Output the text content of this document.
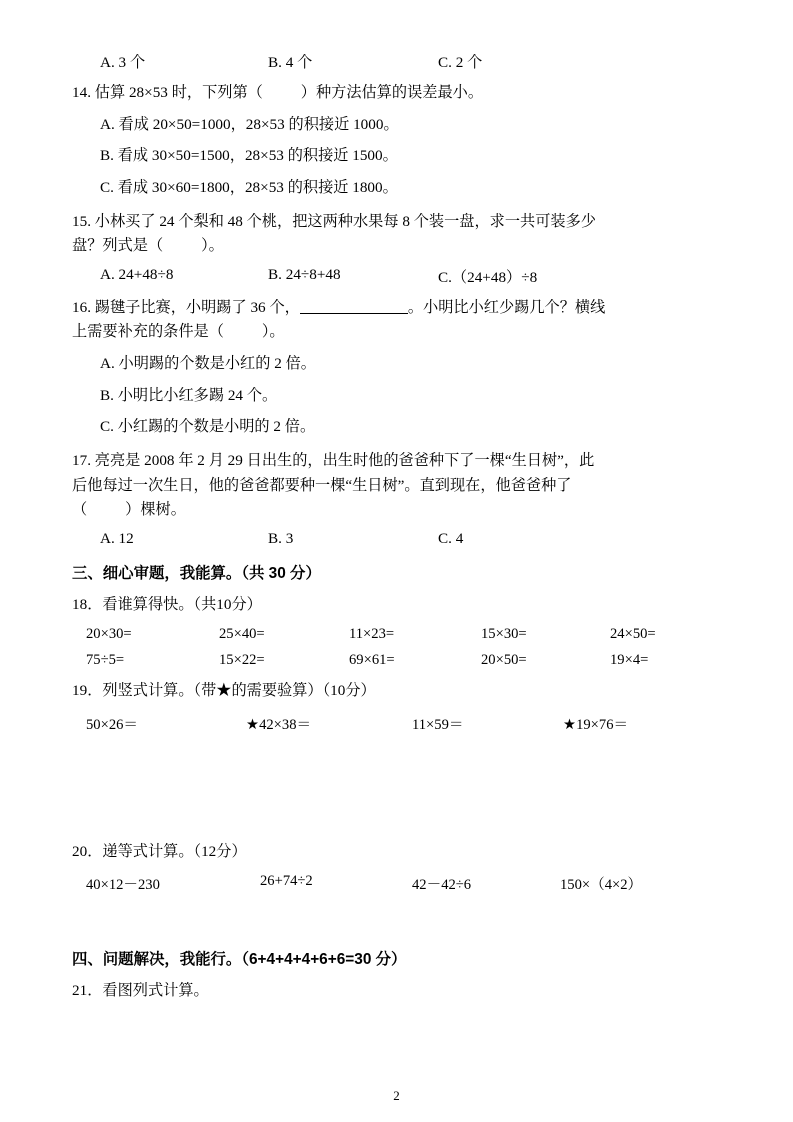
A. 3 个	B. 4 个	C. 2 个
14. 估算 28×53 时，下列第（          ）种方法估算的误差最小。
A. 看成 20×50=1000，28×53 的积接近 1000。
B. 看成 30×50=1500，28×53 的积接近 1500。
C. 看成 30×60=1800，28×53 的积接近 1800。
15. 小林买了 24 个梨和 48 个桃，把这两种水果每 8 个装一盘，求一共可装多少
盘？列式是（          ）。
A. 24+48÷8	B. 24÷8+48	C.（24+48）÷8
16. 踢毽子比赛，小明踢了 36 个，	。小明比小红少踢几个？横线
上需要补充的条件是（          ）。
A. 小明踢的个数是小红的 2 倍。
B. 小明比小红多踢 24 个。
C. 小红踢的个数是小明的 2 倍。
17. 亮亮是 2008 年 2 月 29 日出生的，出生时他的爸爸种下了一棵“生日树”，此
后他每过一次生日，他的爸爸都要种一棵“生日树”。直到现在，他爸爸种了
（          ）棵树。
A. 12	B. 3	C. 4
三、细心审题，我能算。（共 30 分）
18．看谁算得快。（共10分）
20×30=	25×40=	11×23=	15×30=	24×50=
75÷5=	15×22=	69×61=	20×50=	19×4=
19．列竖式计算。（带★的需要验算）（10分）
50×26＝	★42×38＝	11×59＝	★19×76＝
20．递等式计算。（12分）
40×12－230	26+74÷2	42－42÷6	150×（4×2）
四、问题解决，我能行。（6+4+4+4+6+6=30 分）
21．看图列式计算。
2
